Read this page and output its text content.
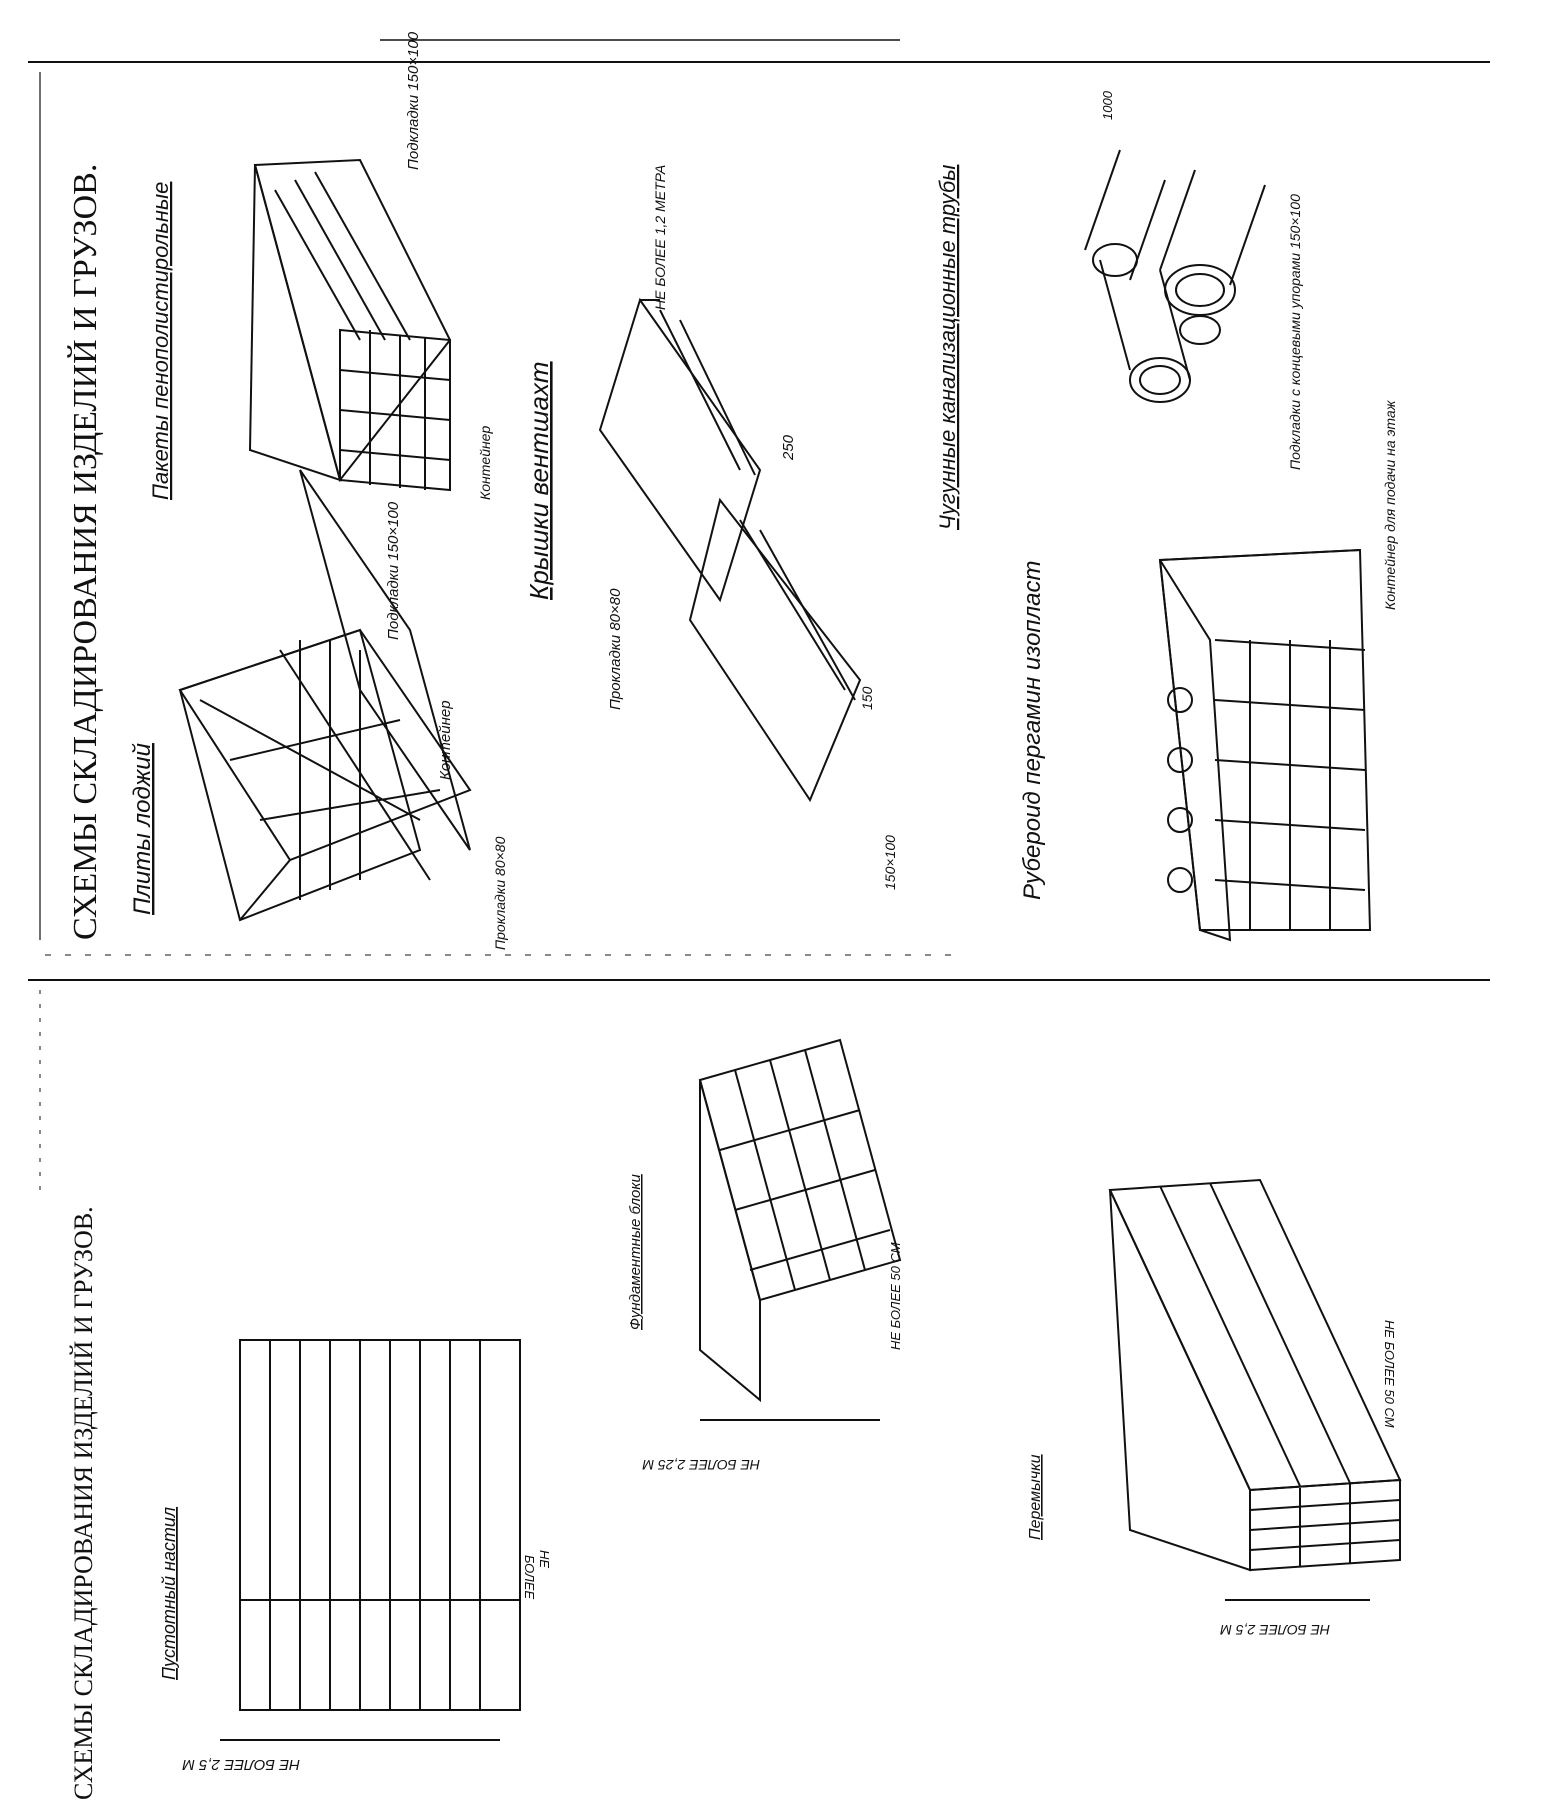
СХЕМЫ СКЛАДИРОВАНИЯ ИЗДЕЛИЙ И ГРУЗОВ. Плиты лоджий
Подкладки 150×100
Контейнер
Прокладки 80×80
Пакеты пенополистирольные
Подкладки 150×100
Контейнер Крышки вентшахт
Прокладки 80×80
НЕ БОЛЕЕ 1,2 МЕТРА
250
150
150×100
Чугунные канализационные трубы
1000
Подкладки с концевыми упорами 150×100
Рубероид пергамин изопласт
Контейнер для подачи на этаж
СХЕМЫ СКЛАДИРОВАНИЯ ИЗДЕЛИЙ И ГРУЗОВ.	Пустотный настил
НЕ БОЛЕЕ 2,5 М
НЕ
БОЛЕЕ
Фундаментные блоки
НЕ БОЛЕЕ 2,25 М
НЕ БОЛЕЕ 50 СМ
Перемычки
НЕ БОЛЕЕ 2,5 М
НЕ БОЛЕЕ 50 СМ
